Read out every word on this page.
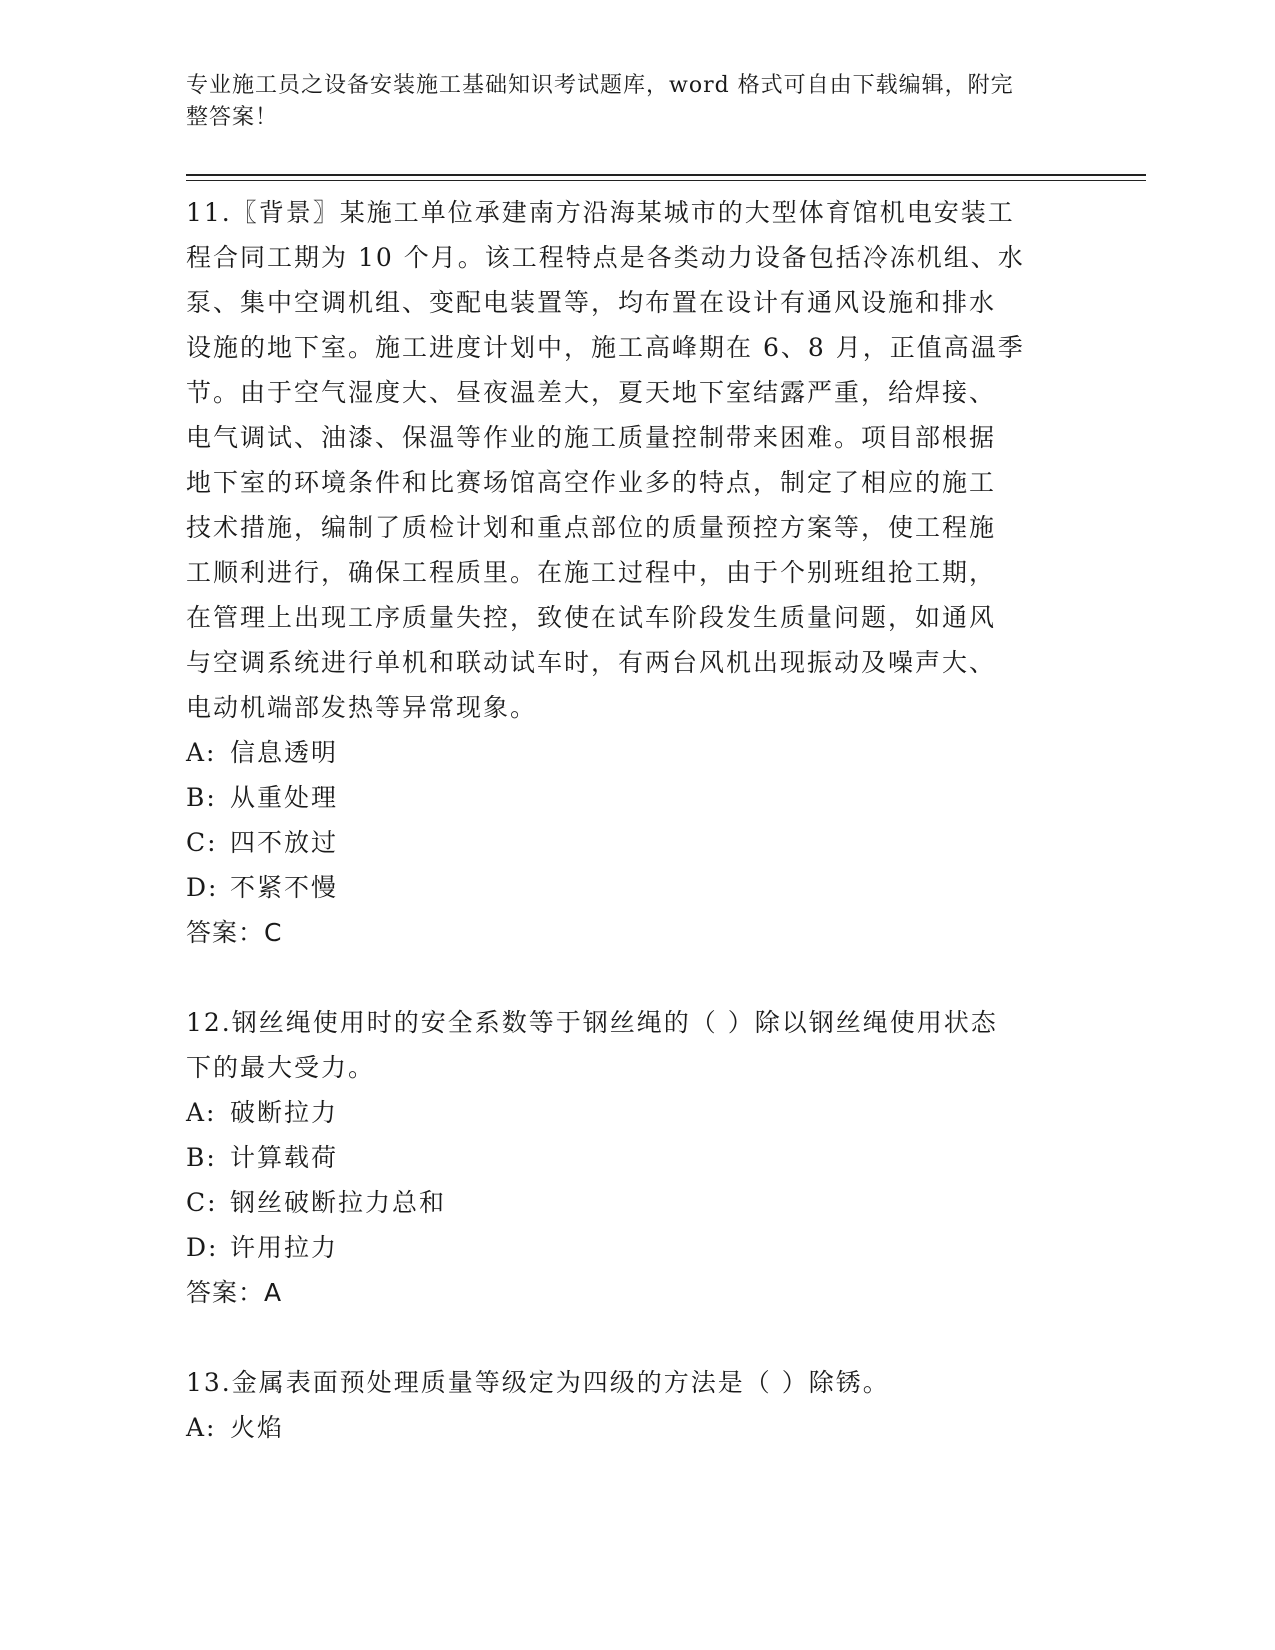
专业施工员之设备安装施工基础知识考试题库，word 格式可自由下载编辑，附完
整答案！
11.〖背景〗某施工单位承建南方沿海某城市的大型体育馆机电安装工
程合同工期为 10 个月。该工程特点是各类动力设备包括冷冻机组、水
泵、集中空调机组、变配电装置等，均布置在设计有通风设施和排水
设施的地下室。施工进度计划中，施工高峰期在 6、8 月，正值高温季
节。由于空气湿度大、昼夜温差大，夏天地下室结露严重，给焊接、
电气调试、油漆、保温等作业的施工质量控制带来困难。项目部根据
地下室的环境条件和比赛场馆高空作业多的特点，制定了相应的施工
技术措施，编制了质检计划和重点部位的质量预控方案等，使工程施
工顺利进行，确保工程质里。在施工过程中，由于个别班组抢工期，
在管理上出现工序质量失控，致使在试车阶段发生质量问题，如通风
与空调系统进行单机和联动试车时，有两台风机出现振动及噪声大、
电动机端部发热等异常现象。
A: 信息透明
B: 从重处理
C: 四不放过
D: 不紧不慢
答案：C
12.钢丝绳使用时的安全系数等于钢丝绳的（ ）除以钢丝绳使用状态
下的最大受力。
A: 破断拉力
B: 计算载荷
C: 钢丝破断拉力总和
D: 许用拉力
答案：A
13.金属表面预处理质量等级定为四级的方法是（ ）除锈。
A: 火焰
